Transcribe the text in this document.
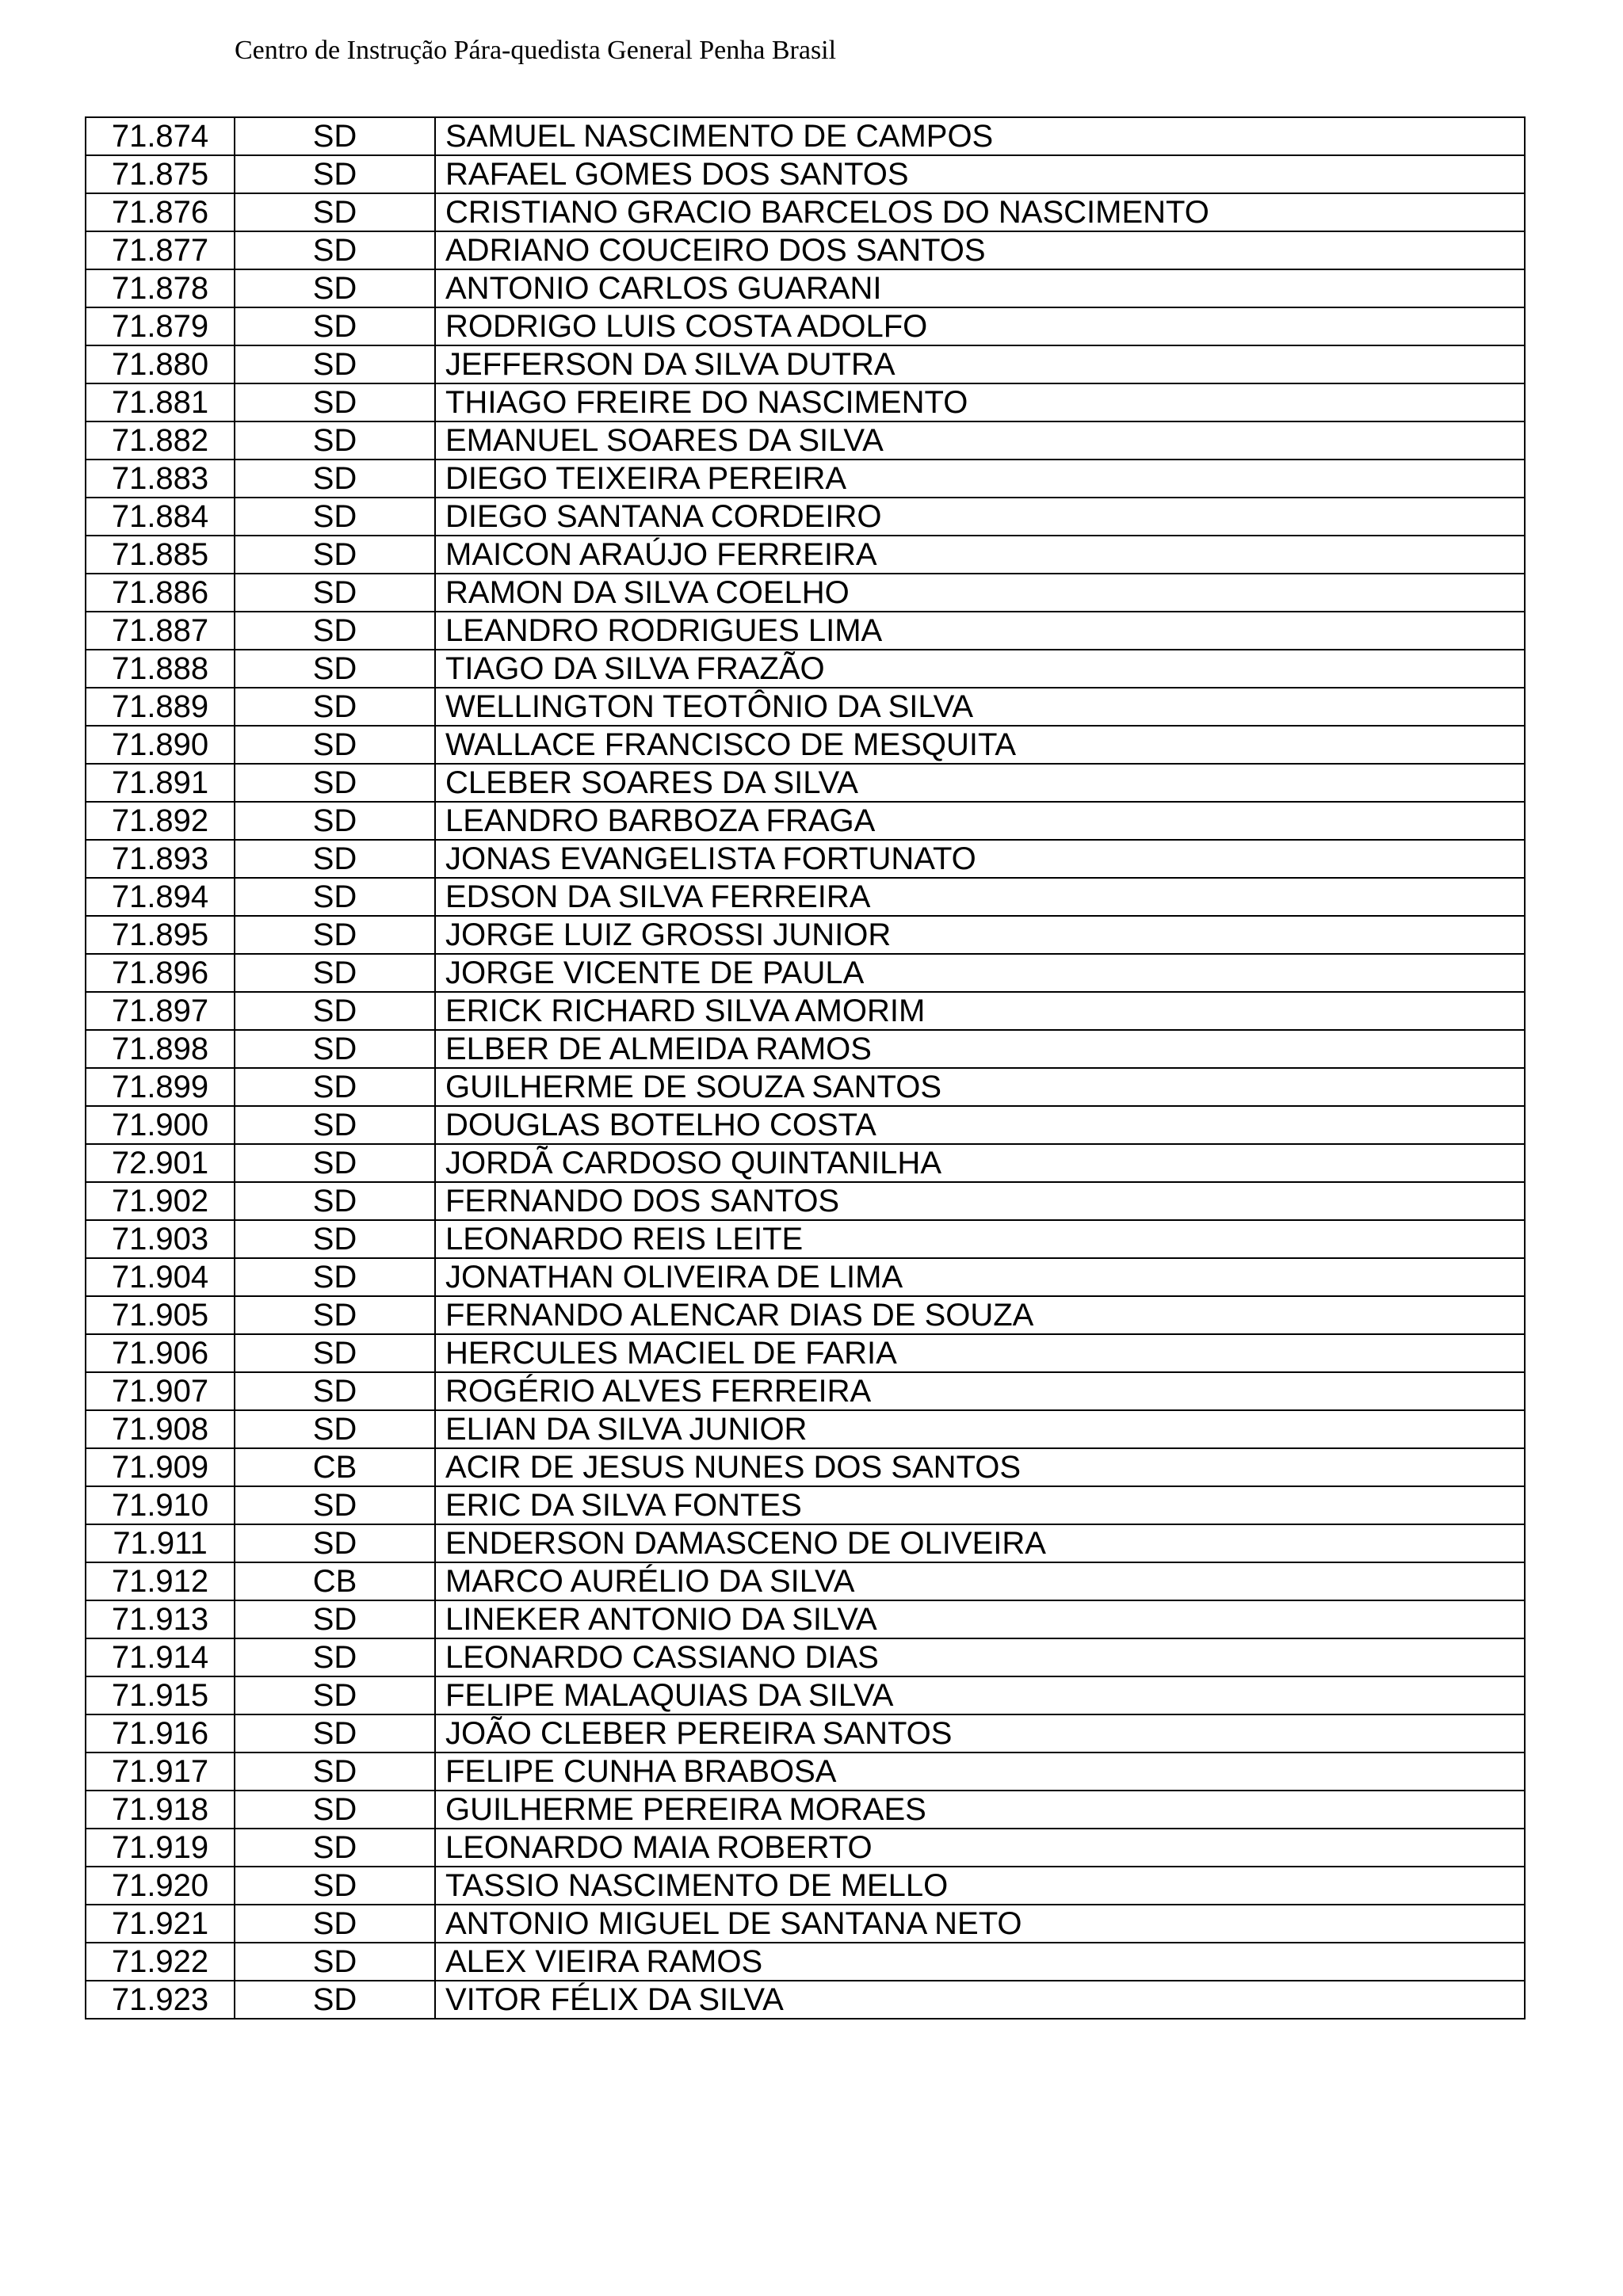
Centro de Instrução Pára-quedista General Penha Brasil
71.874	SD	SAMUEL NASCIMENTO DE CAMPOS
71.875	SD	RAFAEL GOMES DOS SANTOS
71.876	SD	CRISTIANO GRACIO BARCELOS DO NASCIMENTO
71.877	SD	ADRIANO COUCEIRO DOS SANTOS
71.878	SD	ANTONIO CARLOS GUARANI
71.879	SD	RODRIGO LUIS COSTA ADOLFO
71.880	SD	JEFFERSON DA SILVA DUTRA
71.881	SD	THIAGO FREIRE DO NASCIMENTO
71.882	SD	EMANUEL SOARES DA SILVA
71.883	SD	DIEGO TEIXEIRA PEREIRA
71.884	SD	DIEGO SANTANA CORDEIRO
71.885	SD	MAICON ARAÚJO FERREIRA
71.886	SD	RAMON DA SILVA COELHO
71.887	SD	LEANDRO RODRIGUES LIMA
71.888	SD	TIAGO DA SILVA FRAZÃO
71.889	SD	WELLINGTON TEOTÔNIO DA SILVA
71.890	SD	WALLACE FRANCISCO DE MESQUITA
71.891	SD	CLEBER SOARES DA SILVA
71.892	SD	LEANDRO BARBOZA FRAGA
71.893	SD	JONAS EVANGELISTA FORTUNATO
71.894	SD	EDSON DA SILVA FERREIRA
71.895	SD	JORGE LUIZ GROSSI JUNIOR
71.896	SD	JORGE VICENTE DE PAULA
71.897	SD	ERICK RICHARD SILVA AMORIM
71.898	SD	ELBER DE ALMEIDA RAMOS
71.899	SD	GUILHERME DE SOUZA SANTOS
71.900	SD	DOUGLAS BOTELHO COSTA
72.901	SD	JORDÃ CARDOSO QUINTANILHA
71.902	SD	FERNANDO DOS SANTOS
71.903	SD	LEONARDO REIS LEITE
71.904	SD	JONATHAN OLIVEIRA DE LIMA
71.905	SD	FERNANDO ALENCAR DIAS DE SOUZA
71.906	SD	HERCULES MACIEL DE FARIA
71.907	SD	ROGÉRIO ALVES FERREIRA
71.908	SD	ELIAN DA SILVA JUNIOR
71.909	CB	ACIR DE JESUS NUNES DOS SANTOS
71.910	SD	ERIC DA SILVA FONTES
71.911	SD	ENDERSON DAMASCENO DE OLIVEIRA
71.912	CB	MARCO AURÉLIO DA SILVA
71.913	SD	LINEKER ANTONIO DA SILVA
71.914	SD	LEONARDO CASSIANO DIAS
71.915	SD	FELIPE MALAQUIAS DA SILVA
71.916	SD	JOÃO CLEBER PEREIRA SANTOS
71.917	SD	FELIPE CUNHA BRABOSA
71.918	SD	GUILHERME PEREIRA MORAES
71.919	SD	LEONARDO MAIA ROBERTO
71.920	SD	TASSIO NASCIMENTO DE MELLO
71.921	SD	ANTONIO MIGUEL DE SANTANA NETO
71.922	SD	ALEX VIEIRA RAMOS
71.923	SD	VITOR FÉLIX DA SILVA
